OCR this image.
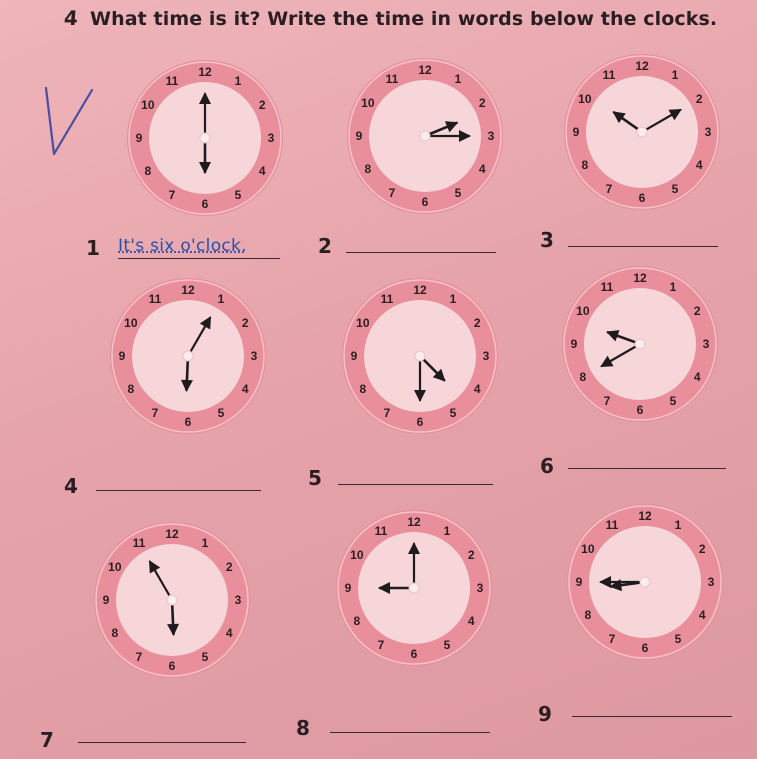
4 What time is it? Write the time in words below the clocks.
12
1
2
3
4
5
6
7
8
9
10
11
12
1
2
3
4
5
6
7
8
9
10
11
12
1
2
3
4
5
6
7
8
9
10
11
12
1
2
3
4
5
6
7
8
9
10
11
12
1
2
3
4
5
6
7
8
9
10
11
12
1
2
3
4
5
6
7
8
9
10
11
12
1
2
3
4
5
6
7
8
9
10
11
12
1
2
3
4
5
6
7
8
9
10
11
12
1
2
3
4
5
6
7
8
9
10
11
1 It's six o'clock.	2	3
4	5	6
7	8
9
